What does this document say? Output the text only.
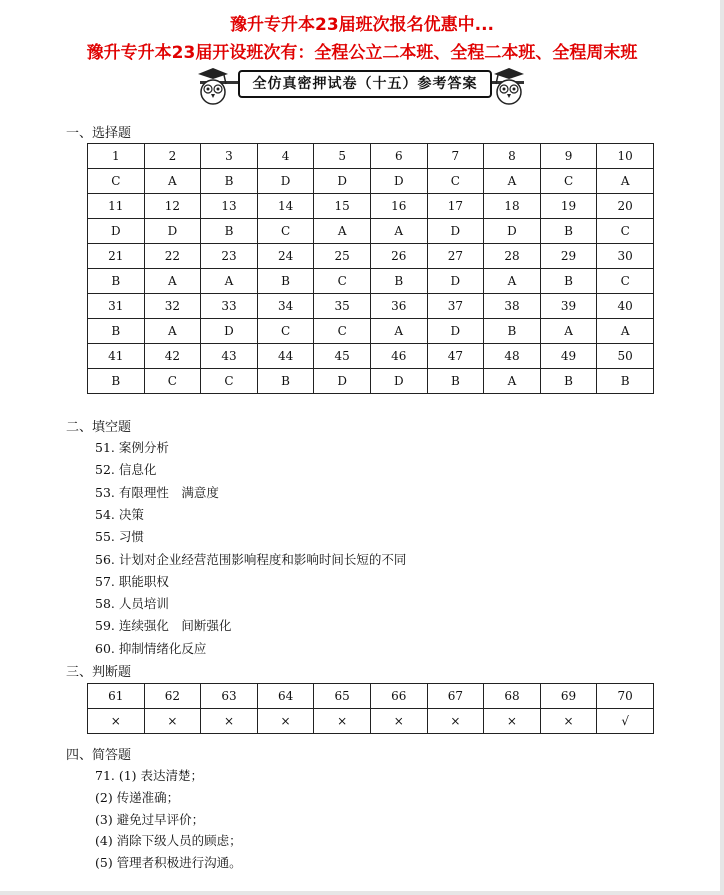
豫升专升本23届班次报名优惠中...
豫升专升本23届开设班次有：全程公立二本班、全程二本班、全程周末班
全仿真密押试卷（十五）参考答案
一、选择题
1	2	3	4	5	6	7	8	9	10
C	A	B	D	D	D	C	A	C	A
11	12	13	14	15	16	17	18	19	20
D	D	B	C	A	A	D	D	B	C
21	22	23	24	25	26	27	28	29	30
B	A	A	B	C	B	D	A	B	C
31	32	33	34	35	36	37	38	39	40
B	A	D	C	C	A	D	B	A	A
41	42	43	44	45	46	47	48	49	50
B	C	C	B	D	D	B	A	B	B
二、填空题
51. 案例分析
52. 信息化
53. 有限理性　满意度
54. 决策
55. 习惯
56. 计划对企业经营范围影响程度和影响时间长短的不同
57. 职能职权
58. 人员培训
59. 连续强化　间断强化
60. 抑制情绪化反应
三、判断题
61	62	63	64	65	66	67	68	69	70
×	×	×	×	×	×	×	×	×	√
四、简答题
71. (1) 表达清楚；
(2) 传递准确；
(3) 避免过早评价；
(4) 消除下级人员的顾虑；
(5) 管理者积极进行沟通。
